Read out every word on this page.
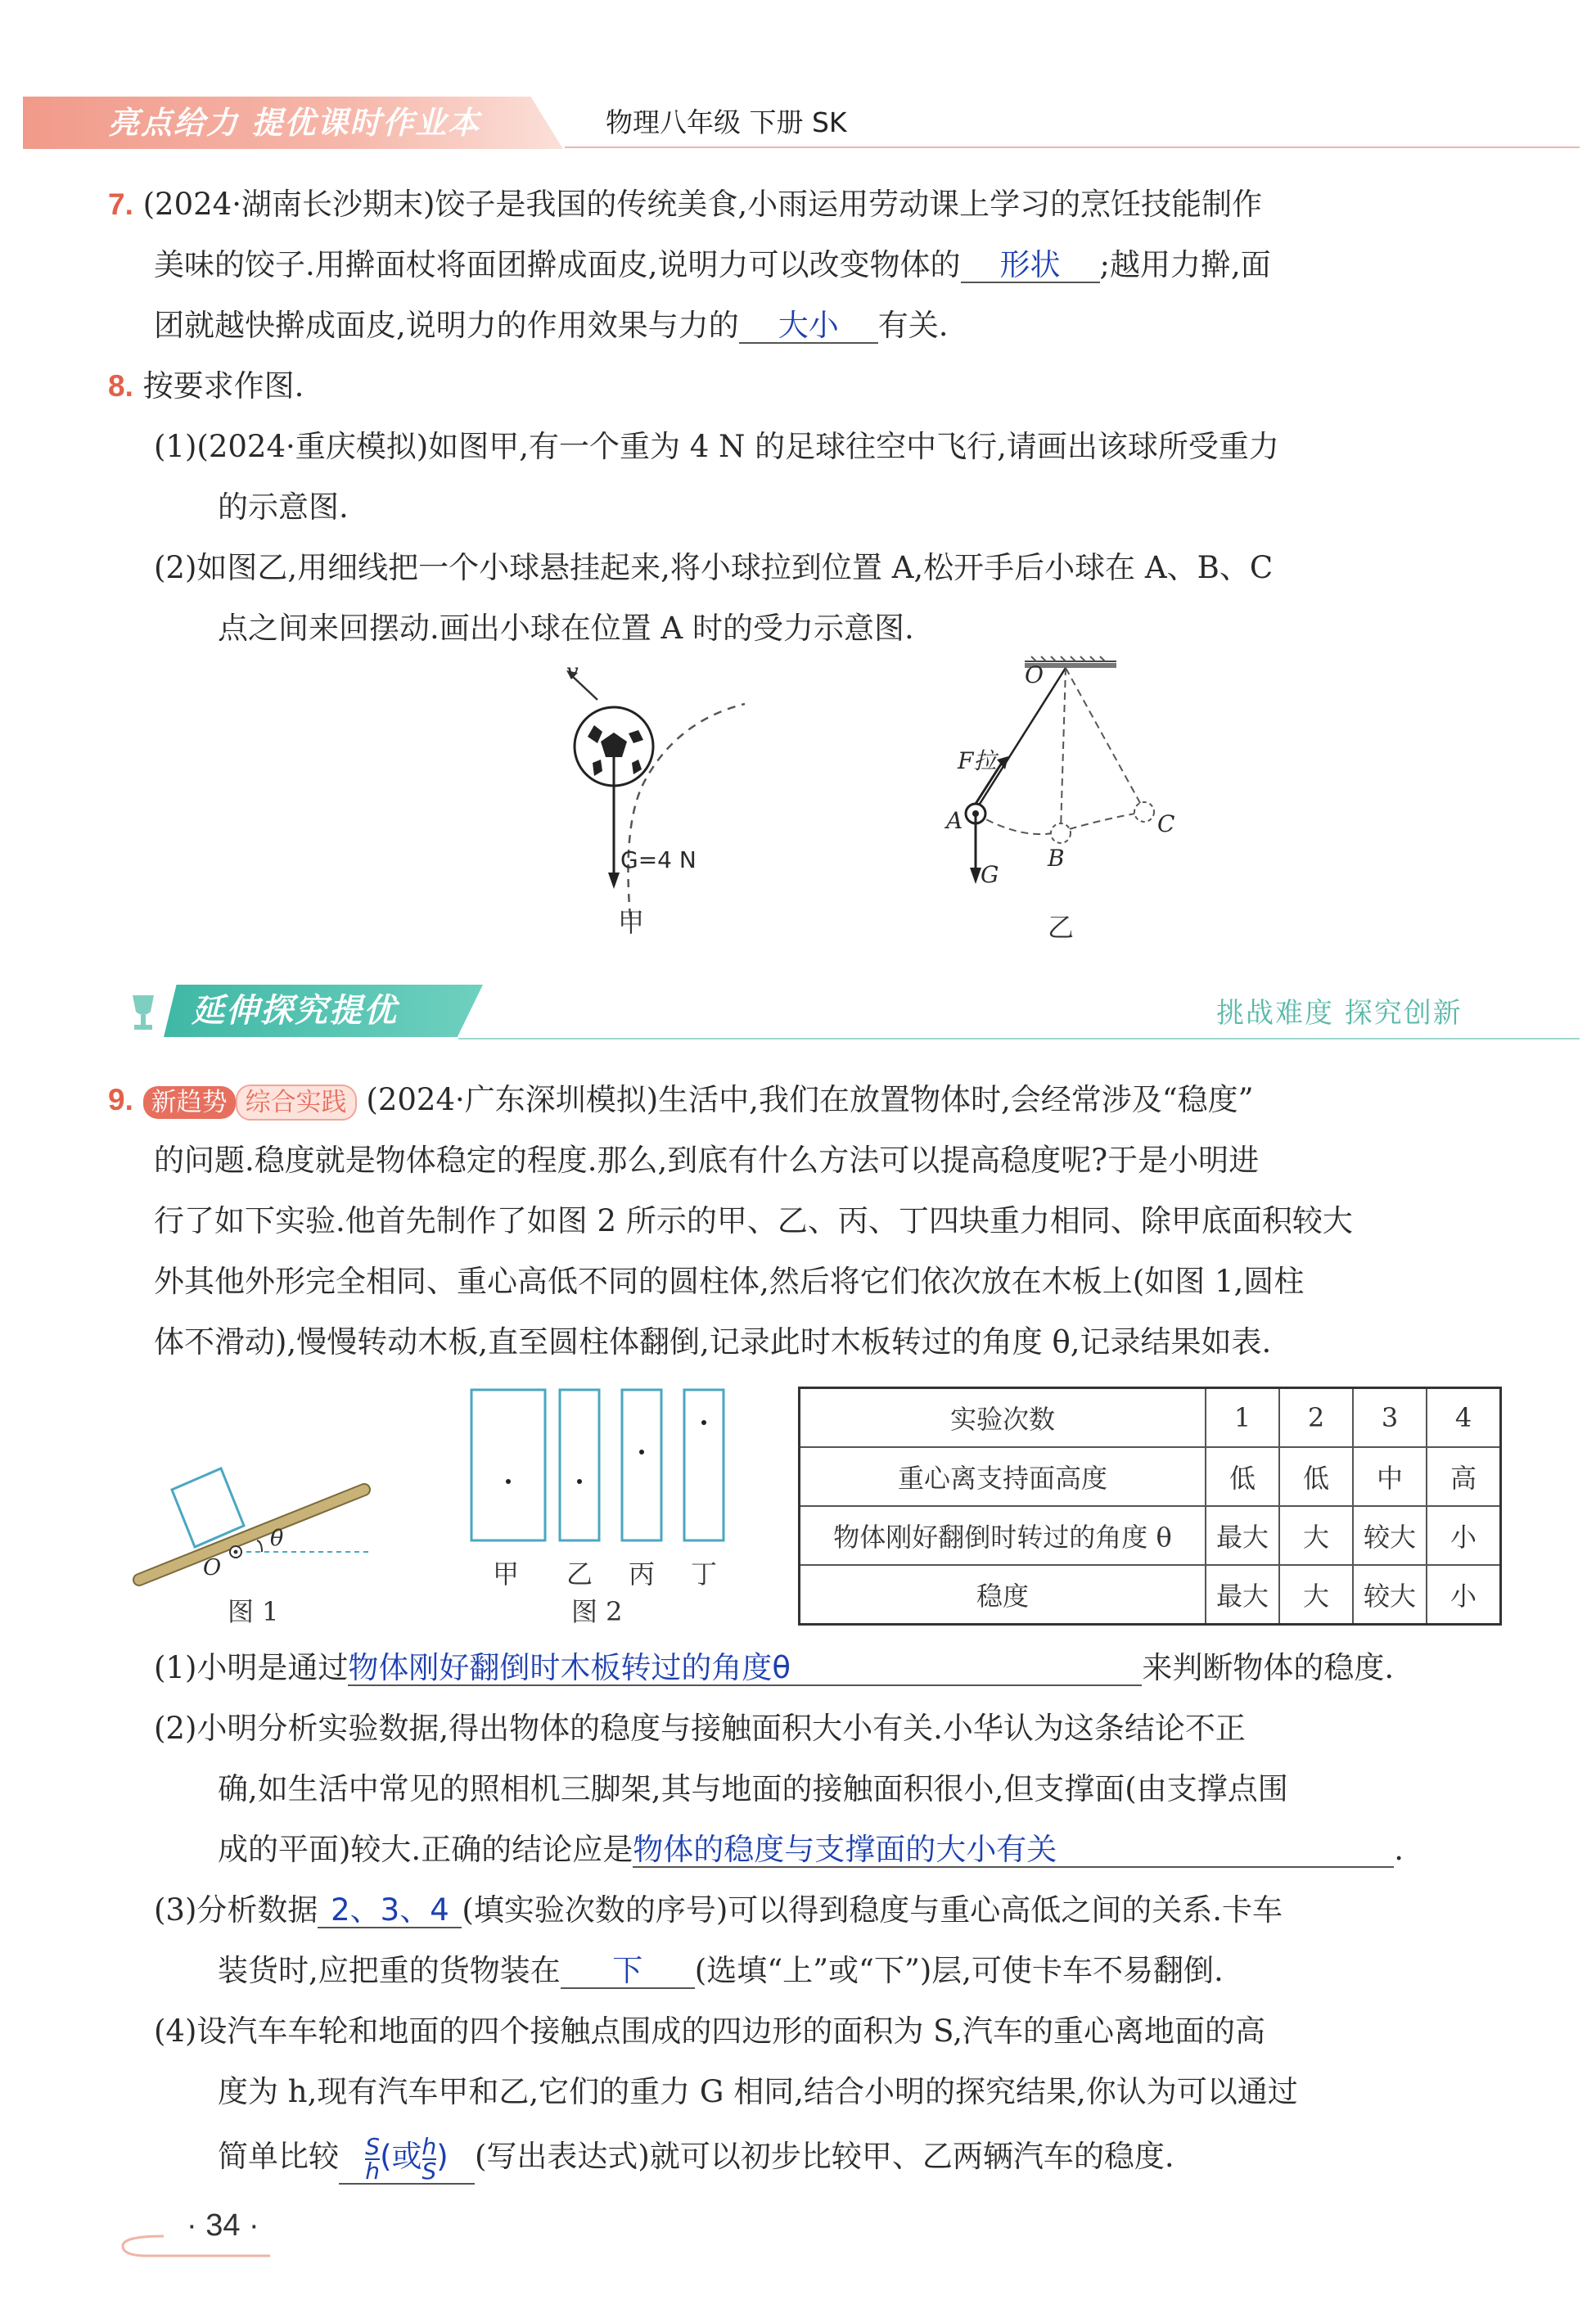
亮点给力 提优课时作业本	物理八年级 下册 SK
7. (2024·湖南长沙期末)饺子是我国的传统美食,小雨运用劳动课上学习的烹饪技能制作
美味的饺子.用擀面杖将面团擀成面皮,说明力可以改变物体的 形状 ;越用力擀,面
团就越快擀成面皮,说明力的作用效果与力的 大小 有关.
8. 按要求作图.
(1)(2024·重庆模拟)如图甲,有一个重为 4 N 的足球往空中飞行,请画出该球所受重力
的示意图.
(2)如图乙,用细线把一个小球悬挂起来,将小球拉到位置 A,松开手后小球在 A、B、C
点之间来回摆动.画出小球在位置 A 时的受力示意图.
v
G=4 N
甲
O
F拉
A
B
C
G
乙
延伸探究提优	挑战难度 探究创新
9. 新趋势 综合实践 (2024·广东深圳模拟)生活中,我们在放置物体时,会经常涉及“稳度”
的问题.稳度就是物体稳定的程度.那么,到底有什么方法可以提高稳度呢?于是小明进
行了如下实验.他首先制作了如图 2 所示的甲、乙、丙、丁四块重力相同、除甲底面积较大
外其他外形完全相同、重心高低不同的圆柱体,然后将它们依次放在木板上(如图 1,圆柱
体不滑动),慢慢转动木板,直至圆柱体翻倒,记录此时木板转过的角度 θ,记录结果如表.
θ
O
图 1
甲 乙 丙 丁
图 2
实验次数	1	2	3	4
重心离支持面高度	低	低	中	高
物体刚好翻倒时转过的角度 θ	最大	大	较大	小
稳度	最大	大	较大	小
(1)小明是通过物体刚好翻倒时木板转过的角度θ	来判断物体的稳度.
(2)小明分析实验数据,得出物体的稳度与接触面积大小有关.小华认为这条结论不正
确,如生活中常见的照相机三脚架,其与地面的接触面积很小,但支撑面(由支撑点围
成的平面)较大.正确的结论应是物体的稳度与支撑面的大小有关	.
(3)分析数据 2、3、4 (填实验次数的序号)可以得到稳度与重心高低之间的关系.卡车
装货时,应把重的货物装在 下 (选填“上”或“下”)层,可使卡车不易翻倒.
(4)设汽车车轮和地面的四个接触点围成的四边形的面积为 S,汽车的重心离地面的高
度为 h,现有汽车甲和乙,它们的重力 G 相同,结合小明的探究结果,你认为可以通过
简单比较 $\frac{S}{h}$ (或 $\frac{h}{S}$ ) (写出表达式)就可以初步比较甲、乙两辆汽车的稳度.
· 34 ·
